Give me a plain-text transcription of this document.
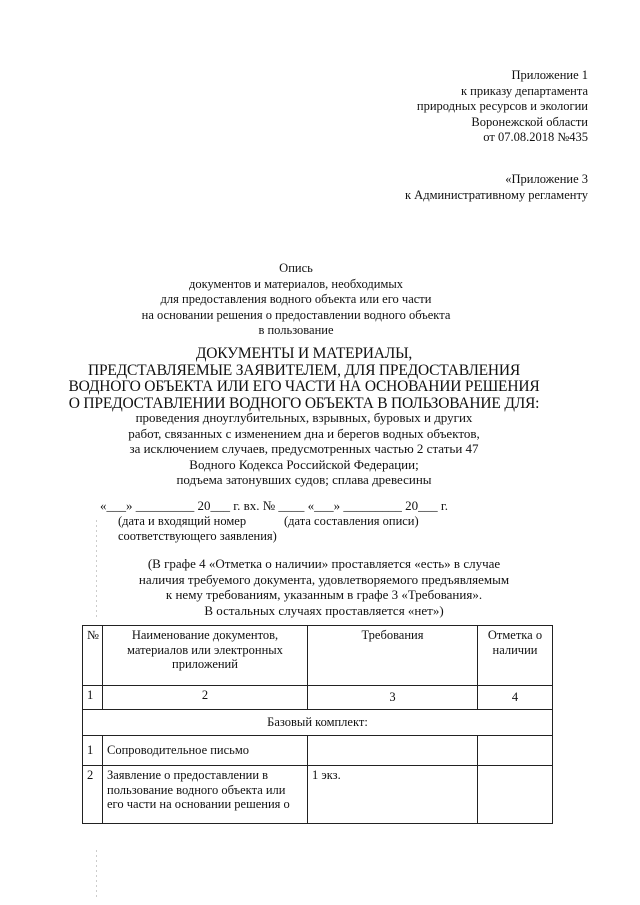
Приложение 1
к приказу департамента
природных ресурсов и экологии
Воронежской области
от 07.08.2018 №435
«Приложение 3
к Административному регламенту
Опись
документов и материалов, необходимых
для предоставления водного объекта или его части
на основании решения о предоставлении водного объекта
в пользование
ДОКУМЕНТЫ И МАТЕРИАЛЫ,
ПРЕДСТАВЛЯЕМЫЕ ЗАЯВИТЕЛЕМ, ДЛЯ ПРЕДОСТАВЛЕНИЯ
ВОДНОГО ОБЪЕКТА ИЛИ ЕГО ЧАСТИ НА ОСНОВАНИИ РЕШЕНИЯ
О ПРЕДОСТАВЛЕНИИ ВОДНОГО ОБЪЕКТА В ПОЛЬЗОВАНИЕ ДЛЯ:
проведения дноуглубительных, взрывных, буровых и других
работ, связанных с изменением дна и берегов водных объектов,
за исключением случаев, предусмотренных частью 2 статьи 47
Водного Кодекса Российской Федерации;
подъема затонувших судов; сплава древесины
«___» _________ 20___ г. вх. № ____ «___» _________ 20___ г.
(дата и входящий номер
соответствующего заявления)
(дата составления описи)
(В графе 4 «Отметка о наличии» проставляется «есть» в случае
наличия требуемого документа, удовлетворяемого предъявляемым
к нему требованиям, указанным в графе 3 «Требования».
В остальных случаях проставляется «нет»)
№	Наименование документов, материалов или электронных приложений	Требования	Отметка о наличии
1	2	3	4
Базовый комплект:			
1	Сопроводительное письмо		
2	Заявление о предоставлении в пользование водного объекта или его части на основании решения о	1 экз.	
